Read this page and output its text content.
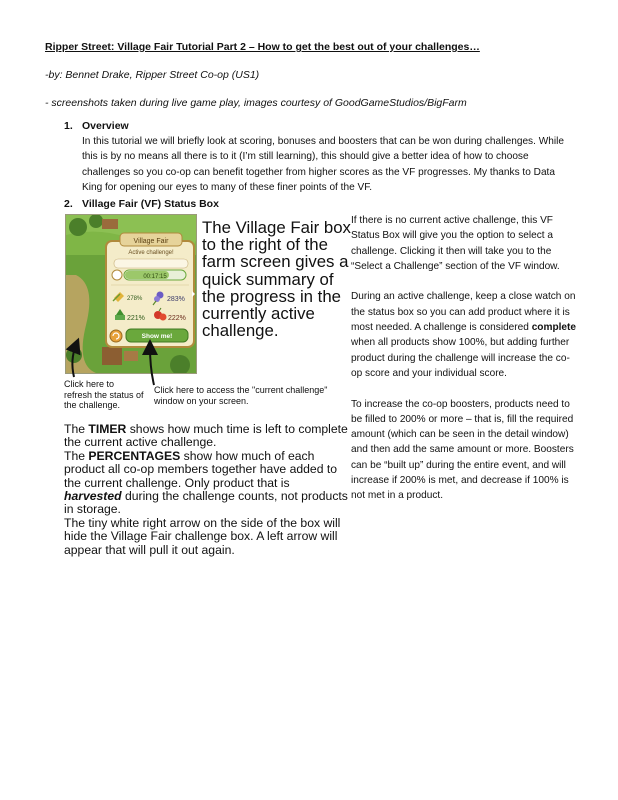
Ripper Street: Village Fair Tutorial Part 2 – How to get the best out of your challenges…
-by: Bennet Drake, Ripper Street Co-op (US1)
- screenshots taken during live game play, images courtesy of GoodGameStudios/BigFarm
1. Overview
In this tutorial we will briefly look at scoring, bonuses and boosters that can be won during challenges. While this is by no means all there is to it (I’m still learning), this should give a better idea of how to choose challenges so you co-op can benefit together from higher scores as the VF progresses. My thanks to Data King for opening our eyes to many of these finer points of the VF.
2. Village Fair (VF) Status Box
Village Fair
Active challenge!
00:17:15
278%	283%
221%	222%
Show me!
The Village Fair box to the right of the farm screen gives a quick summary of the progress in the currently active challenge.
Click here to refresh the status of the challenge.
Click here to access the "current challenge" window on your screen.

The TIMER shows how much time is left to complete the current active challenge.

The PERCENTAGES show how much of each product all co-op members together have added to the current challenge. Only product that is harvested during the challenge counts, not products in storage.

The tiny white right arrow on the side of the box will hide the Village Fair challenge box. A left arrow will appear that will pull it out again.

If there is no current active challenge, this VF Status Box will give you the option to select a challenge. Clicking it then will take you to the “Select a Challenge” section of the VF window.

During an active challenge, keep a close watch on the status box so you can add product where it is most needed. A challenge is considered complete when all products show 100%, but adding further product during the challenge will increase the co-op score and your individual score.

To increase the co-op boosters, products need to be filled to 200% or more – that is, fill the required amount (which can be seen in the detail window) and then add the same amount or more. Boosters can be “built up” during the entire event, and will increase if 200% is met, and decrease if 100% is not met in a product.
